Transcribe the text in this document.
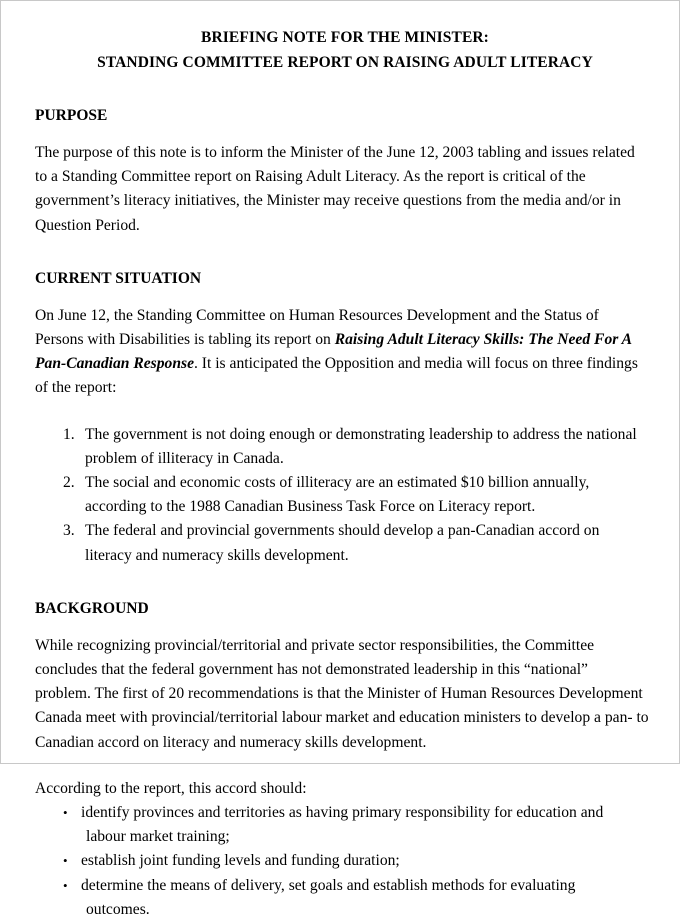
BRIEFING NOTE FOR THE MINISTER:
STANDING COMMITTEE REPORT ON RAISING ADULT LITERACY
PURPOSE
The purpose of this note is to inform the Minister of the June 12, 2003 tabling and issues related
to a Standing Committee report on Raising Adult Literacy. As the report is critical of the
government’s literacy initiatives, the Minister may receive questions from the media and/or in
Question Period.
CURRENT SITUATION
On June 12, the Standing Committee on Human Resources Development and the Status of
Persons with Disabilities is tabling its report on Raising Adult Literacy Skills: The Need For A
Pan-Canadian Response. It is anticipated the Opposition and media will focus on three findings
of the report:
1. The government is not doing enough or demonstrating leadership to address the national
problem of illiteracy in Canada.
2. The social and economic costs of illiteracy are an estimated $10 billion annually,
according to the 1988 Canadian Business Task Force on Literacy report.
3. The federal and provincial governments should develop a pan-Canadian accord on
literacy and numeracy skills development.
BACKGROUND
While recognizing provincial/territorial and private sector responsibilities, the Committee
concludes that the federal government has not demonstrated leadership in this “national”
problem. The first of 20 recommendations is that the Minister of Human Resources Development
Canada meet with provincial/territorial labour market and education ministers to develop a pan- to
Canadian accord on literacy and numeracy skills development.
According to the report, this accord should:
• identify provinces and territories as having primary responsibility for education and
labour market training;
• establish joint funding levels and funding duration;
• determine the means of delivery, set goals and establish methods for evaluating
outcomes.
